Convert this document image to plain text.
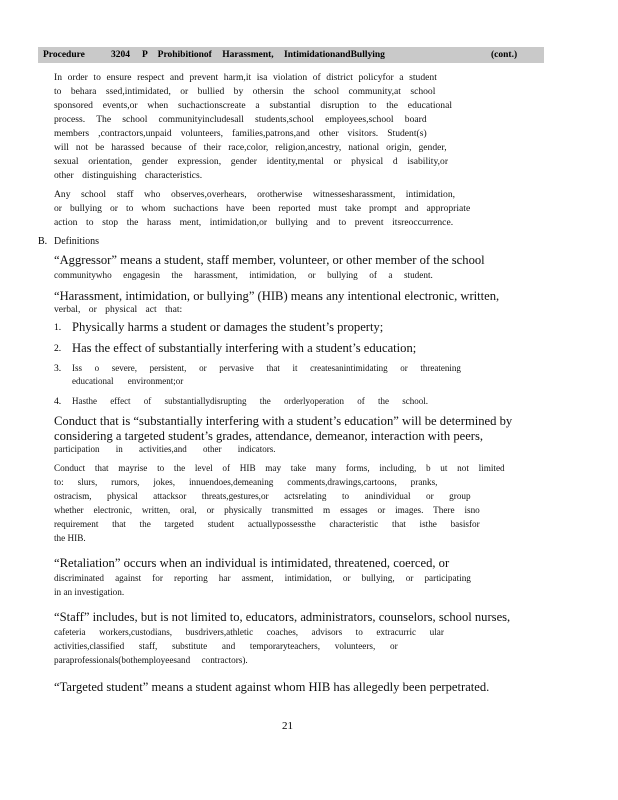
Procedure	3204 P Prohibitionof Harassment, IntimidationandBullying	(cont.)
In order to ensure respect and prevent harm,it isa violation of district policyfor a student
to behara ssed,intimidated, or bullied by othersin the school community,at school
sponsored events,or when suchactionscreate a substantial disruption to the educational
process. The school communityincludesall students,school employees,school board
members ,contractors,unpaid volunteers, families,patrons,and other visitors. Student(s)
will not be harassed because of their race,color, religion,ancestry, national origin, gender,
sexual orientation, gender expression, gender identity,mental or physical d isability,or
other distinguishing characteristics.
Any school staff who observes,overhears, orotherwise witnessesharassment, intimidation,
or bullying or to whom suchactions have been reported must take prompt and appropriate
action to stop the harass ment, intimidation,or bullying and to prevent itsreoccurrence.
B. Definitions
“Aggressor” means a student, staff member, volunteer, or other member of the school
communitywho engagesin the harassment, intimidation, or bullying of a student.
“Harassment, intimidation, or bullying” (HIB) means any intentional electronic, written,
verbal, or physical act that:
1. Physically harms a student or damages the student’s property;
2. Has the effect of substantially interfering with a student’s education;
3. Iss o severe, persistent, or pervasive that it createsanintimidating or threatening
educational environment;or
4. Hasthe effect of substantiallydisrupting the orderlyoperation of the school.
Conduct that is “substantially interfering with a student’s education” will be determined by
considering a targeted student’s grades, attendance, demeanor, interaction with peers,
participation in activities,and other indicators.
Conduct that mayrise to the level of HIB may take many forms, including, b ut not limited
to: slurs, rumors, jokes, innuendoes,demeaning comments,drawings,cartoons, pranks,
ostracism, physical attacksor threats,gestures,or actsrelating to anindividual or group
whether electronic, written, oral, or physically transmitted m essages or images. There isno
requirement that the targeted student actuallypossessthe characteristic that isthe basisfor
the HIB.
“Retaliation” occurs when an individual is intimidated, threatened, coerced, or
discriminated against for reporting har assment, intimidation, or bullying, or participating
in an investigation.
“Staff” includes, but is not limited to, educators, administrators, counselors, school nurses,
cafeteria workers,custodians, busdrivers,athletic coaches, advisors to extracurric ular
activities,classified staff, substitute and temporaryteachers, volunteers, or
paraprofessionals(bothemployeesand contractors).
“Targeted student” means a student against whom HIB has allegedly been perpetrated.
21
